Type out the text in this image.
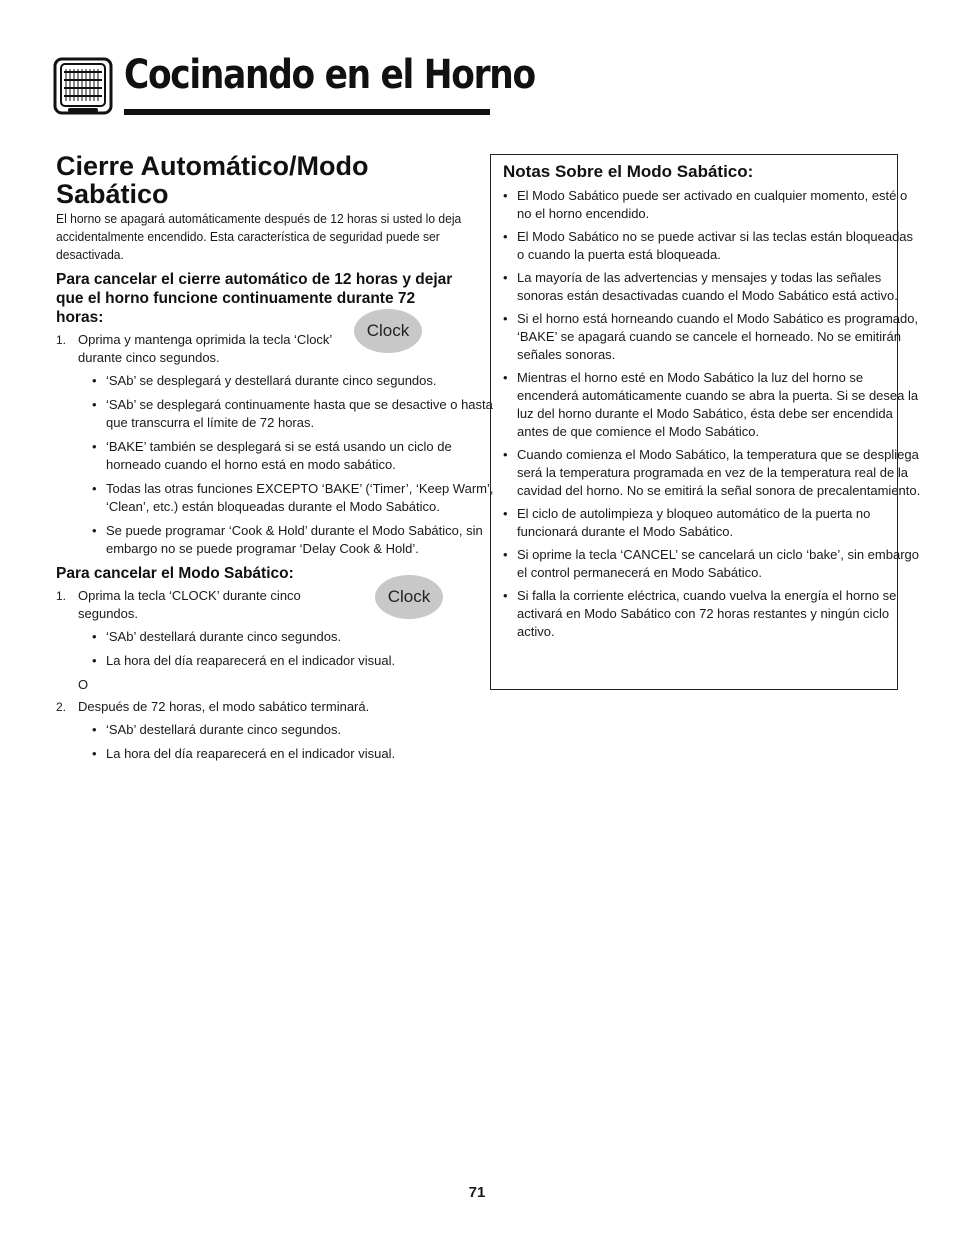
Cocinando en el Horno
Cierre Automático/Modo Sabático

El horno se apagará automáticamente después de 12 horas si usted lo deja accidentalmente encendido. Esta característica de seguridad puede ser desactivada.

Para cancelar el cierre automático de 12 horas y dejar que el horno funcione continuamente durante 72 horas:

1. Oprima y mantenga oprimida la tecla ‘Clock’ durante cinco segundos.
Clock
• ‘SAb’ se desplegará y destellará durante cinco segundos.
• ‘SAb’ se desplegará continuamente hasta que se desactive o hasta que transcurra el límite de 72 horas.
• ‘BAKE’ también se desplegará si se está usando un ciclo de horneado cuando el horno está en modo sabático.
• Todas las otras funciones EXCEPTO ‘BAKE’ (‘Timer’, ‘Keep Warm’, ‘Clean’, etc.) están bloqueadas durante el Modo Sabático.
• Se puede programar ‘Cook & Hold’ durante el Modo Sabático, sin embargo no se puede programar ‘Delay Cook & Hold’.

Para cancelar el Modo Sabático:

1. Oprima la tecla ‘CLOCK’ durante cinco segundos.
Clock
• ‘SAb’ destellará durante cinco segundos.
• La hora del día reaparecerá en el indicador visual.

O

2. Después de 72 horas, el modo sabático terminará.
• ‘SAb’ destellará durante cinco segundos.
• La hora del día reaparecerá en el indicador visual.
Notas Sobre el Modo Sabático:
• El Modo Sabático puede ser activado en cualquier momento, esté o no el horno encendido.
• El Modo Sabático no se puede activar si las teclas están bloqueadas o cuando la puerta está bloqueada.
• La mayoría de las advertencias y mensajes y todas las señales sonoras están desactivadas cuando el Modo Sabático está activo.
• Si el horno está horneando cuando el Modo Sabático es programado, ‘BAKE’ se apagará cuando se cancele el horneado. No se emitirán señales sonoras.
• Mientras el horno esté en Modo Sabático la luz del horno se encenderá automáticamente cuando se abra la puerta. Si se desea la luz del horno durante el Modo Sabático, ésta debe ser encendida antes de que comience el Modo Sabático.
• Cuando comienza el Modo Sabático, la temperatura que se despliega será la temperatura programada en vez de la temperatura real de la cavidad del horno. No se emitirá la señal sonora de precalentamiento.
• El ciclo de autolimpieza y bloqueo automático de la puerta no funcionará durante el Modo Sabático.
• Si oprime la tecla ‘CANCEL’ se cancelará un ciclo ‘bake’, sin embargo el control permanecerá en Modo Sabático.
• Si falla la corriente eléctrica, cuando vuelva la energía el horno se activará en Modo Sabático con 72 horas restantes y ningún ciclo activo.
71
